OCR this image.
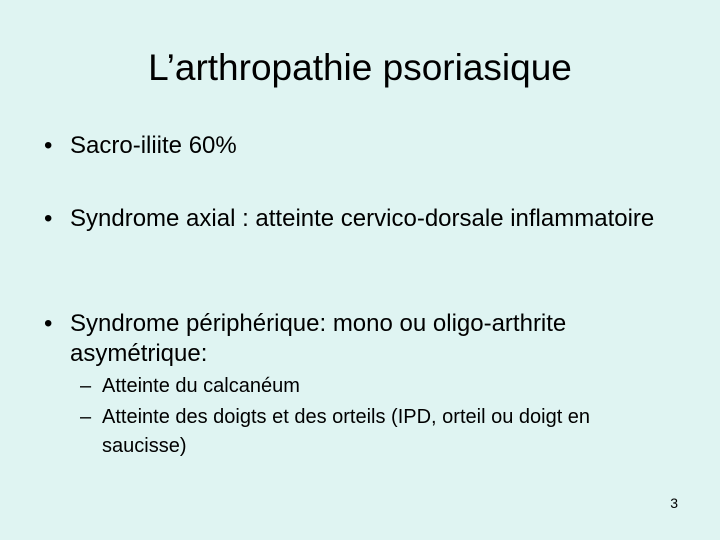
L’arthropathie psoriasique
• Sacro-iliite 60%
• Syndrome axial : atteinte cervico-dorsale inflammatoire
• Syndrome périphérique: mono ou oligo-arthrite asymétrique:
– Atteinte du calcanéum
– Atteinte des doigts et des orteils (IPD, orteil ou doigt en saucisse)
3
